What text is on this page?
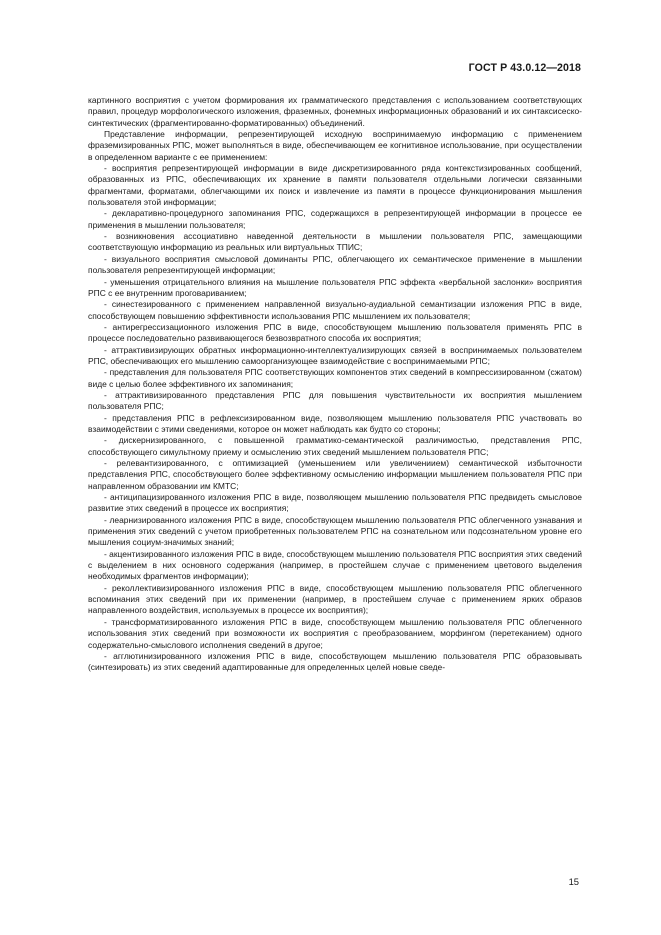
ГОСТ Р 43.0.12—2018

картинного восприятия с учетом формирования их грамматического представления с использованием соответствующих правил, процедур морфологического изложения, фразeмных, фонемных информационных образований и их синтаксисеско-синтектических (фрагментированно-форматированных) объединений.

Представление информации, репрезентирующей исходную воспринимаемую информацию с применением фраземизированных РПС, может выполняться в виде, обеспечивающем ее когнитивное использование, при осуществлении в определенном варианте с ее применением:

- восприятия репрезентирующей информации в виде дискретизированного ряда контекстизированных сообщений, образованных из РПС, обеспечивающих их хранение в памяти пользователя отдельными логически связанными фрагментами, форматами, облегчающими их поиск и извлечение из памяти в процессе функционирования мышления пользователя этой информации;

- декларативно-процедурного запоминания РПС, содержащихся в репрезентирующей информации в процессе ее применения в мышлении пользователя;

- возникновения ассоциативно наведенной деятельности в мышлении пользователя РПС, замещающими соответствующую информацию из реальных или виртуальных ТПИС;

- визуального восприятия смысловой доминанты РПС, облегчающего их семантическое применение в мышлении пользователя репрезентирующей информации;

- уменьшения отрицательного влияния на мышление пользователя РПС эффекта «вербальной заслонки» восприятия РПС с ее внутренним проговариванием;

- синестезированного с применением направленной визуально-аудиальной семантизации изложения РПС в виде, способствующем повышению эффективности использования РПС мышлением их пользователя;

- антирегрессизационного изложения РПС в виде, способствующем мышлению пользователя применять РПС в процессе последовательно развивающегося безвозвратного способа их восприятия;

- аттрактивизирующих обратных информационно-интеллектуализирующих связей в воспринимаемых пользователем РПС, обеспечивающих его мышлению самоорганизующее взаимодействие с воспринимаемыми РПС;

- представления для пользователя РПС соответствующих компонентов этих сведений в компрессизированном (сжатом) виде с целью более эффективного их запоминания;

- аттрактивизированного представления РПС для повышения чувствительности их восприятия мышлением пользователя РПС;

- представления РПС в рефлексизированном виде, позволяющем мышлению пользователя РПС участвовать во взаимодействии с этими сведениями, которое он может наблюдать как будто со стороны;

- дискернизированного, с повышенной грамматико-семантической различимостью, представления РПС, способствующего симультному приему и осмыслению этих сведений мышлением пользователя РПС;

- релевантизированного, с оптимизацией (уменьшением или увеличениием) семантической избыточности представления РПС, способствующего более эффективному осмыслению информации мышлением пользователя РПС при направленном образовании им КМТС;

- антиципацизированного изложения РПС в виде, позволяющем мышлению пользователя РПС предвидеть смысловое развитие этих сведений в процессе их восприятия;

- леарнизированного изложения РПС в виде, способствующем мышлению пользователя РПС облегченного узнавания и применения этих сведений с учетом приобретенных пользователем РПС на сознательном или подсознательном уровне его мышления социум-значимых знаний;

- акцентизированного изложения РПС в виде, способствующем мышлению пользователя РПС восприятия этих сведений с выделением в них основного содержания (например, в простейшем случае с применением цветового выделения необходимых фрагментов информации);

- реколлективизированного изложения РПС в виде, способствующем мышлению пользователя РПС облегченного вспоминания этих сведений при их применении (например, в простейшем случае с применением ярких образов направленного воздействия, используемых в процессе их восприятия);

- трансформатизированного изложения РПС в виде, способствующем мышлению пользователя РПС облегченного использования этих сведений при возможности их восприятия с преобразованием, морфингом (перетеканием) одного содержательно-смыслового исполнения сведений в другое;

- агглютинизированного изложения РПС в виде, способствующем мышлению пользователя РПС образовывать (синтезировать) из этих сведений адаптированные для определенных целей новые сведе-

15
